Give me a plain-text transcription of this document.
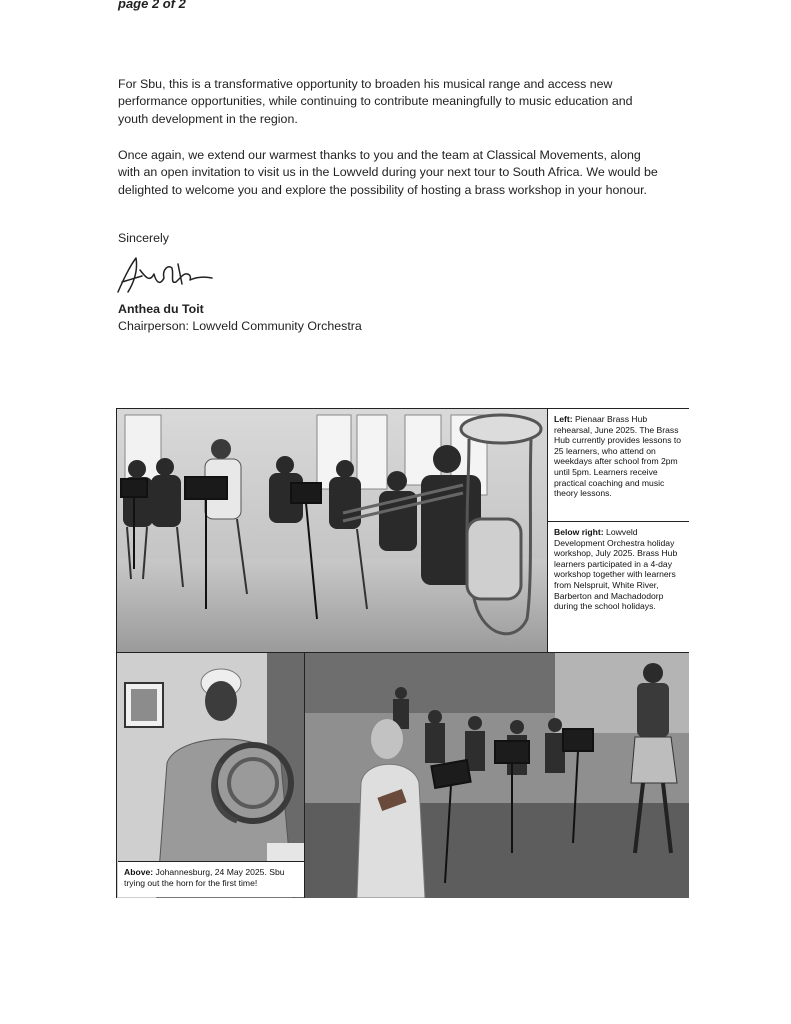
page 2 of 2

For Sbu, this is a transformative opportunity to broaden his musical range and access new performance opportunities, while continuing to contribute meaningfully to music education and youth development in the region.

Once again, we extend our warmest thanks to you and the team at Classical Movements, along with an open invitation to visit us in the Lowveld during your next tour to South Africa. We would be delighted to welcome you and explore the possibility of hosting a brass workshop in your honour.

Sincerely
Anthea du Toit
Chairperson: Lowveld Community Orchestra
Left: Pienaar Brass Hub rehearsal, June 2025. The Brass Hub currently provides lessons to 25 learners, who attend on weekdays after school from 2pm until 5pm. Learners receive practical coaching and music theory lessons.
Below right: Lowveld Development Orchestra holiday workshop, July 2025. Brass Hub learners participated in a 4-day workshop together with learners from Nelspruit, White River, Barberton and Machadodorp during the school holidays.
Above: Johannesburg, 24 May 2025. Sbu trying out the horn for the first time!
